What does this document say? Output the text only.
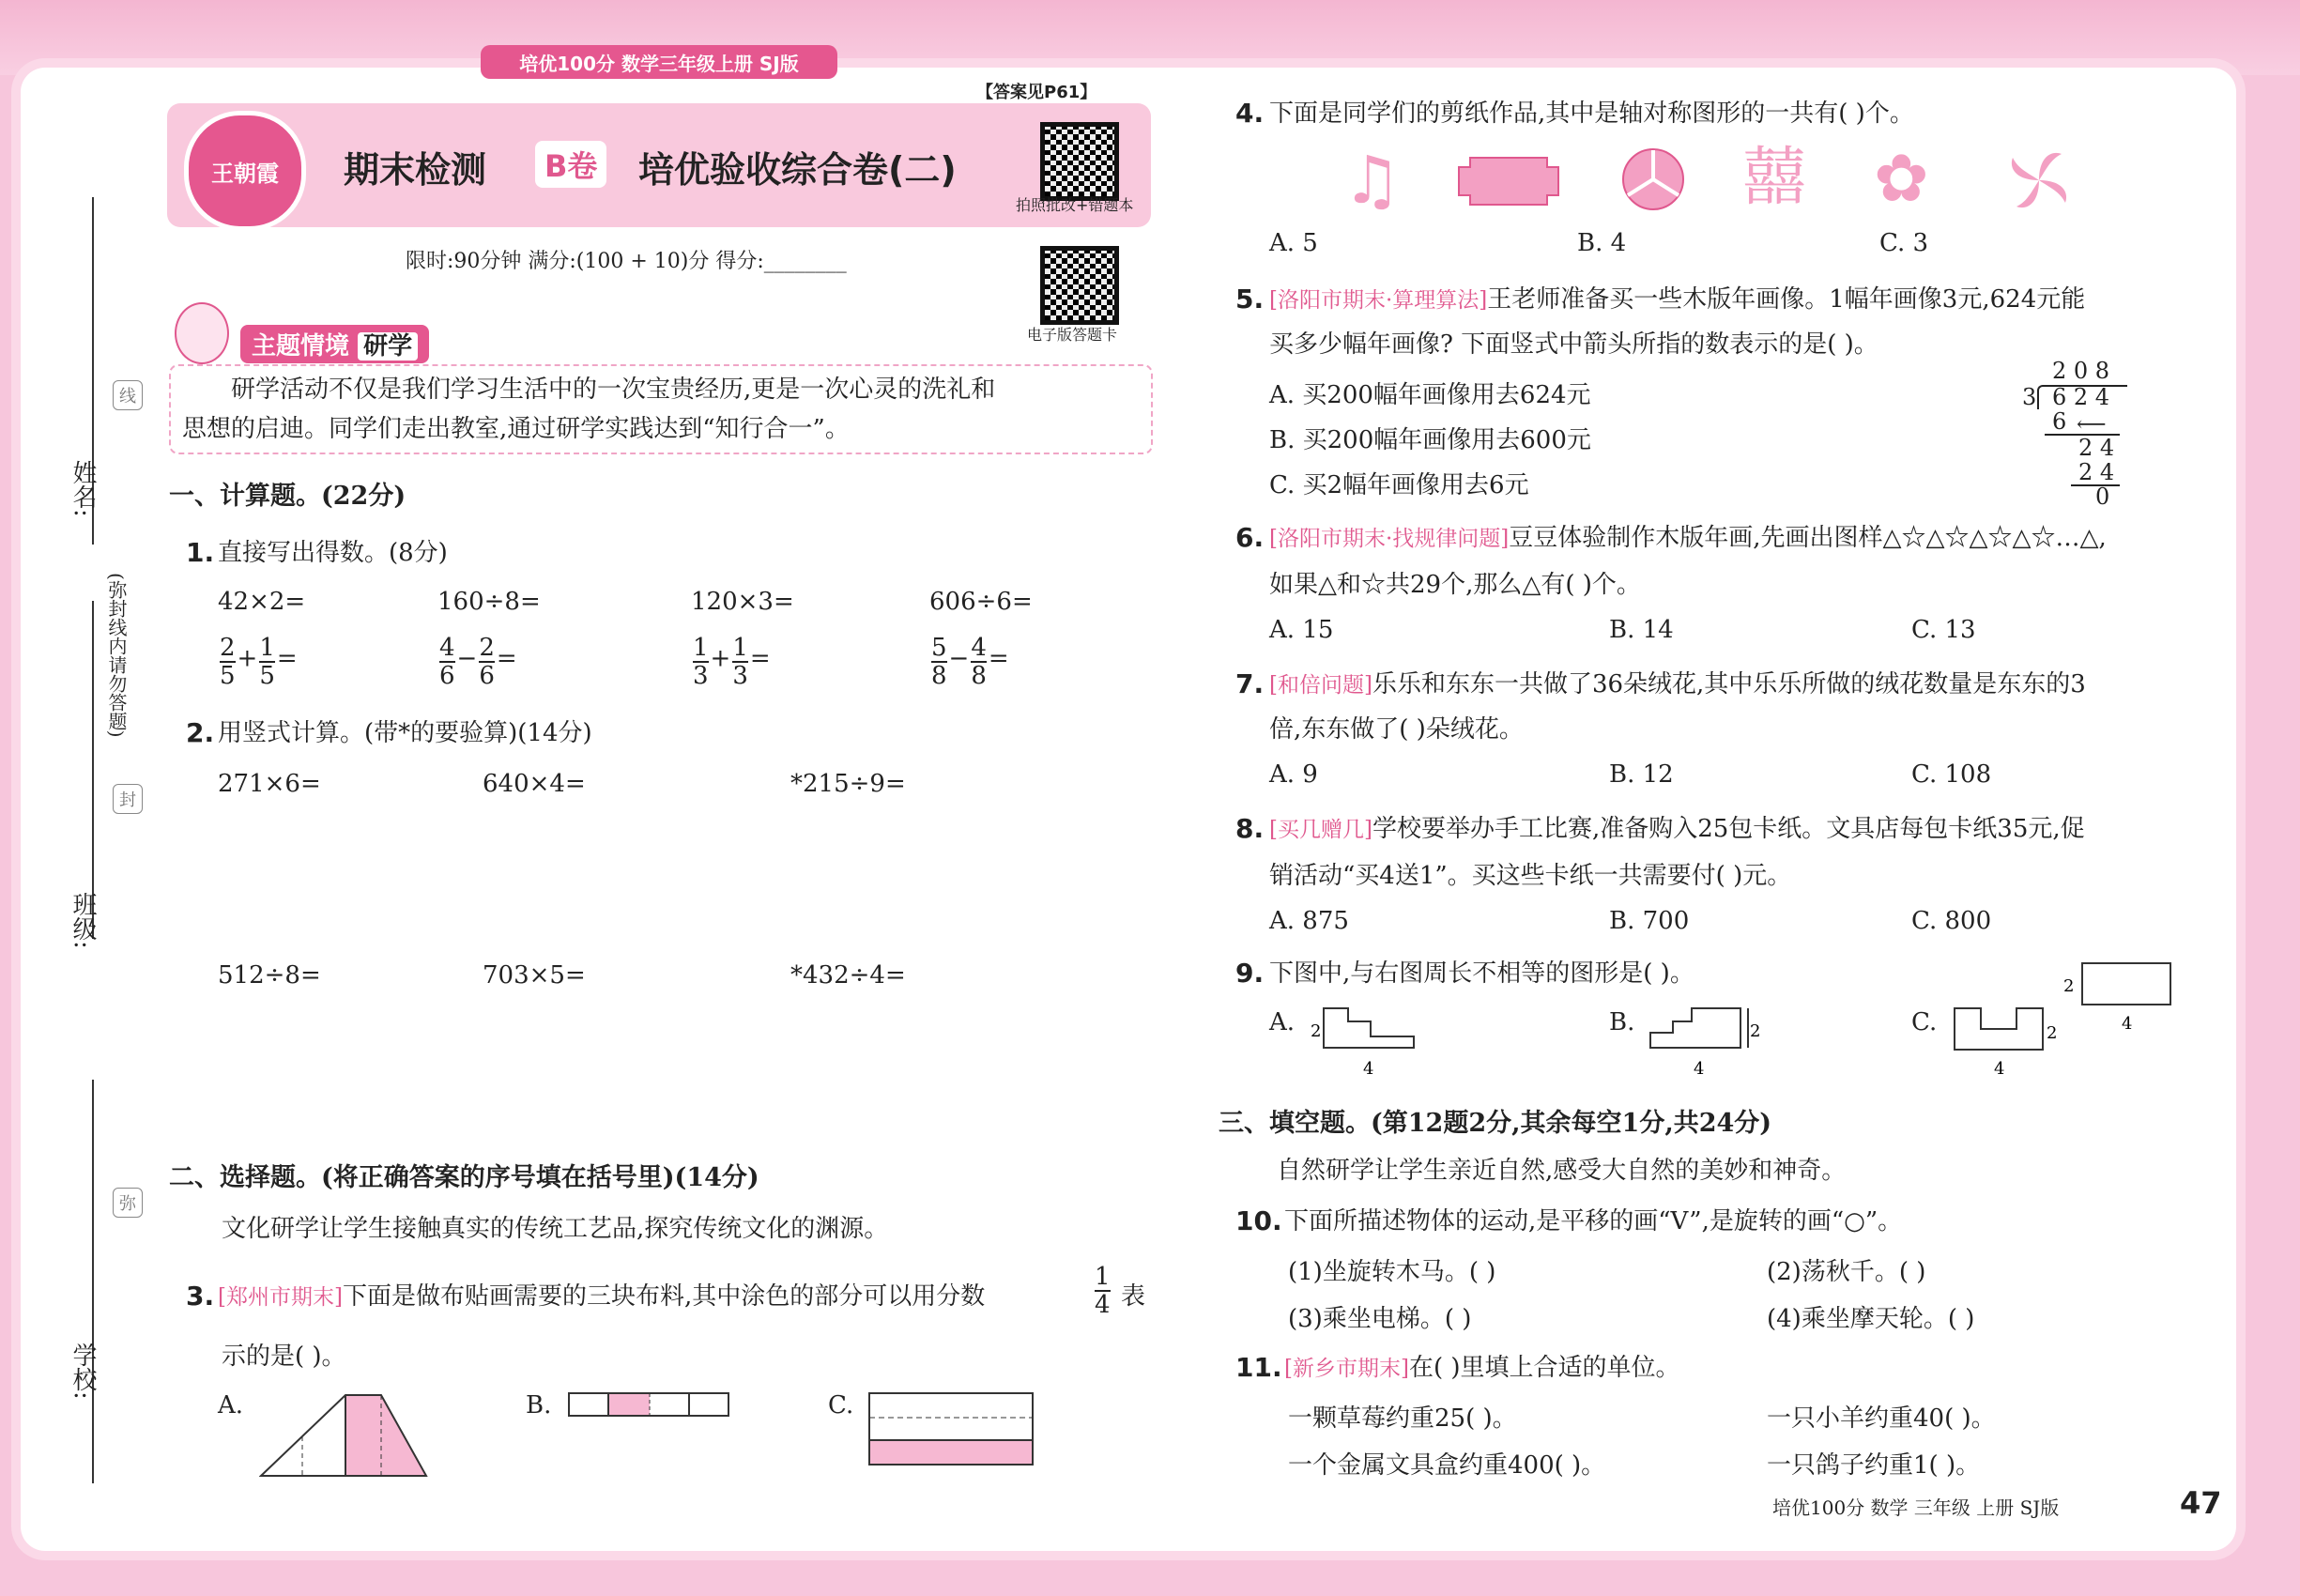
培优100分 数学三年级上册 SJ版
姓名:
班级:
学校:
(弥封线内请勿答题)
线
封
弥
【答案见P61】
王朝霞	期末检测	B卷 培优验收综合卷(二)
拍照批改+错题本
限时:90分钟 满分:(100 + 10)分 得分:________
电子版答题卡
主题情境 研学
研学活动不仅是我们学习生活中的一次宝贵经历,更是一次心灵的洗礼和
思想的启迪。同学们走出教室,通过研学实践达到“知行合一”。
一、计算题。(22分)
1. 直接写出得数。(8分)
42×2=	160÷8=	120×3=	606÷6=
$\frac{2}{5} + \frac{1}{5}$ =	$\frac{4}{6} - \frac{2}{6}$ =	$\frac{1}{3} + \frac{1}{3}$ =	$\frac{5}{8} - \frac{4}{8}$ =
2. 用竖式计算。(带*的要验算)(14分)
271×6=	640×4=	*215÷9=
512÷8=	703×5=	*432÷4=
二、选择题。(将正确答案的序号填在括号里)(14分)
文化研学让学生接触真实的传统工艺品,探究传统文化的渊源。
3. [郑州市期末]下面是做布贴画需要的三块布料,其中涂色的部分可以用分数	$\frac{1}{4}$ 表
示的是( )。
A.	B.	C.
4. 下面是同学们的剪纸作品,其中是轴对称图形的一共有( )个。
♫	囍 ✿
A. 5	B. 4	C. 3
5. [洛阳市期末·算理算法]王老师准备买一些木版年画像。1幅年画像3元,624元能
买多少幅年画像? 下面竖式中箭头所指的数表示的是( )。
A. 买200幅年画像用去624元
B. 买200幅年画像用去600元
C. 买2幅年画像用去6元
2 0 8
3 6 2 4
6 ⟵
2 4
2 4
0
6. [洛阳市期末·找规律问题]豆豆体验制作木版年画,先画出图样△☆△☆△☆△☆…△,
如果△和☆共29个,那么△有( )个。
A. 15	B. 14	C. 13
7. [和倍问题]乐乐和东东一共做了36朵绒花,其中乐乐所做的绒花数量是东东的3
倍,东东做了( )朵绒花。
A. 9	B. 12	C. 108
8. [买几赠几]学校要举办手工比赛,准备购入25包卡纸。文具店每包卡纸35元,促
销活动“买4送1”。买这些卡纸一共需要付( )元。
A. 875	B. 700	C. 800
9. 下图中,与右图周长不相等的图形是( )。
A.	B.	C.
2
4
2
4
2
4
2
4
三、填空题。(第12题2分,其余每空1分,共24分)
自然研学让学生亲近自然,感受大自然的美妙和神奇。
10. 下面所描述物体的运动,是平移的画“V”,是旋转的画“○”。
(1)坐旋转木马。( )	(2)荡秋千。( )
(3)乘坐电梯。( )	(4)乘坐摩天轮。( )
11. [新乡市期末]在( )里填上合适的单位。
一颗草莓约重25( )。	一只小羊约重40( )。
一个金属文具盒约重400( )。	一只鸽子约重1( )。
培优100分 数学 三年级 上册 SJ版	47
